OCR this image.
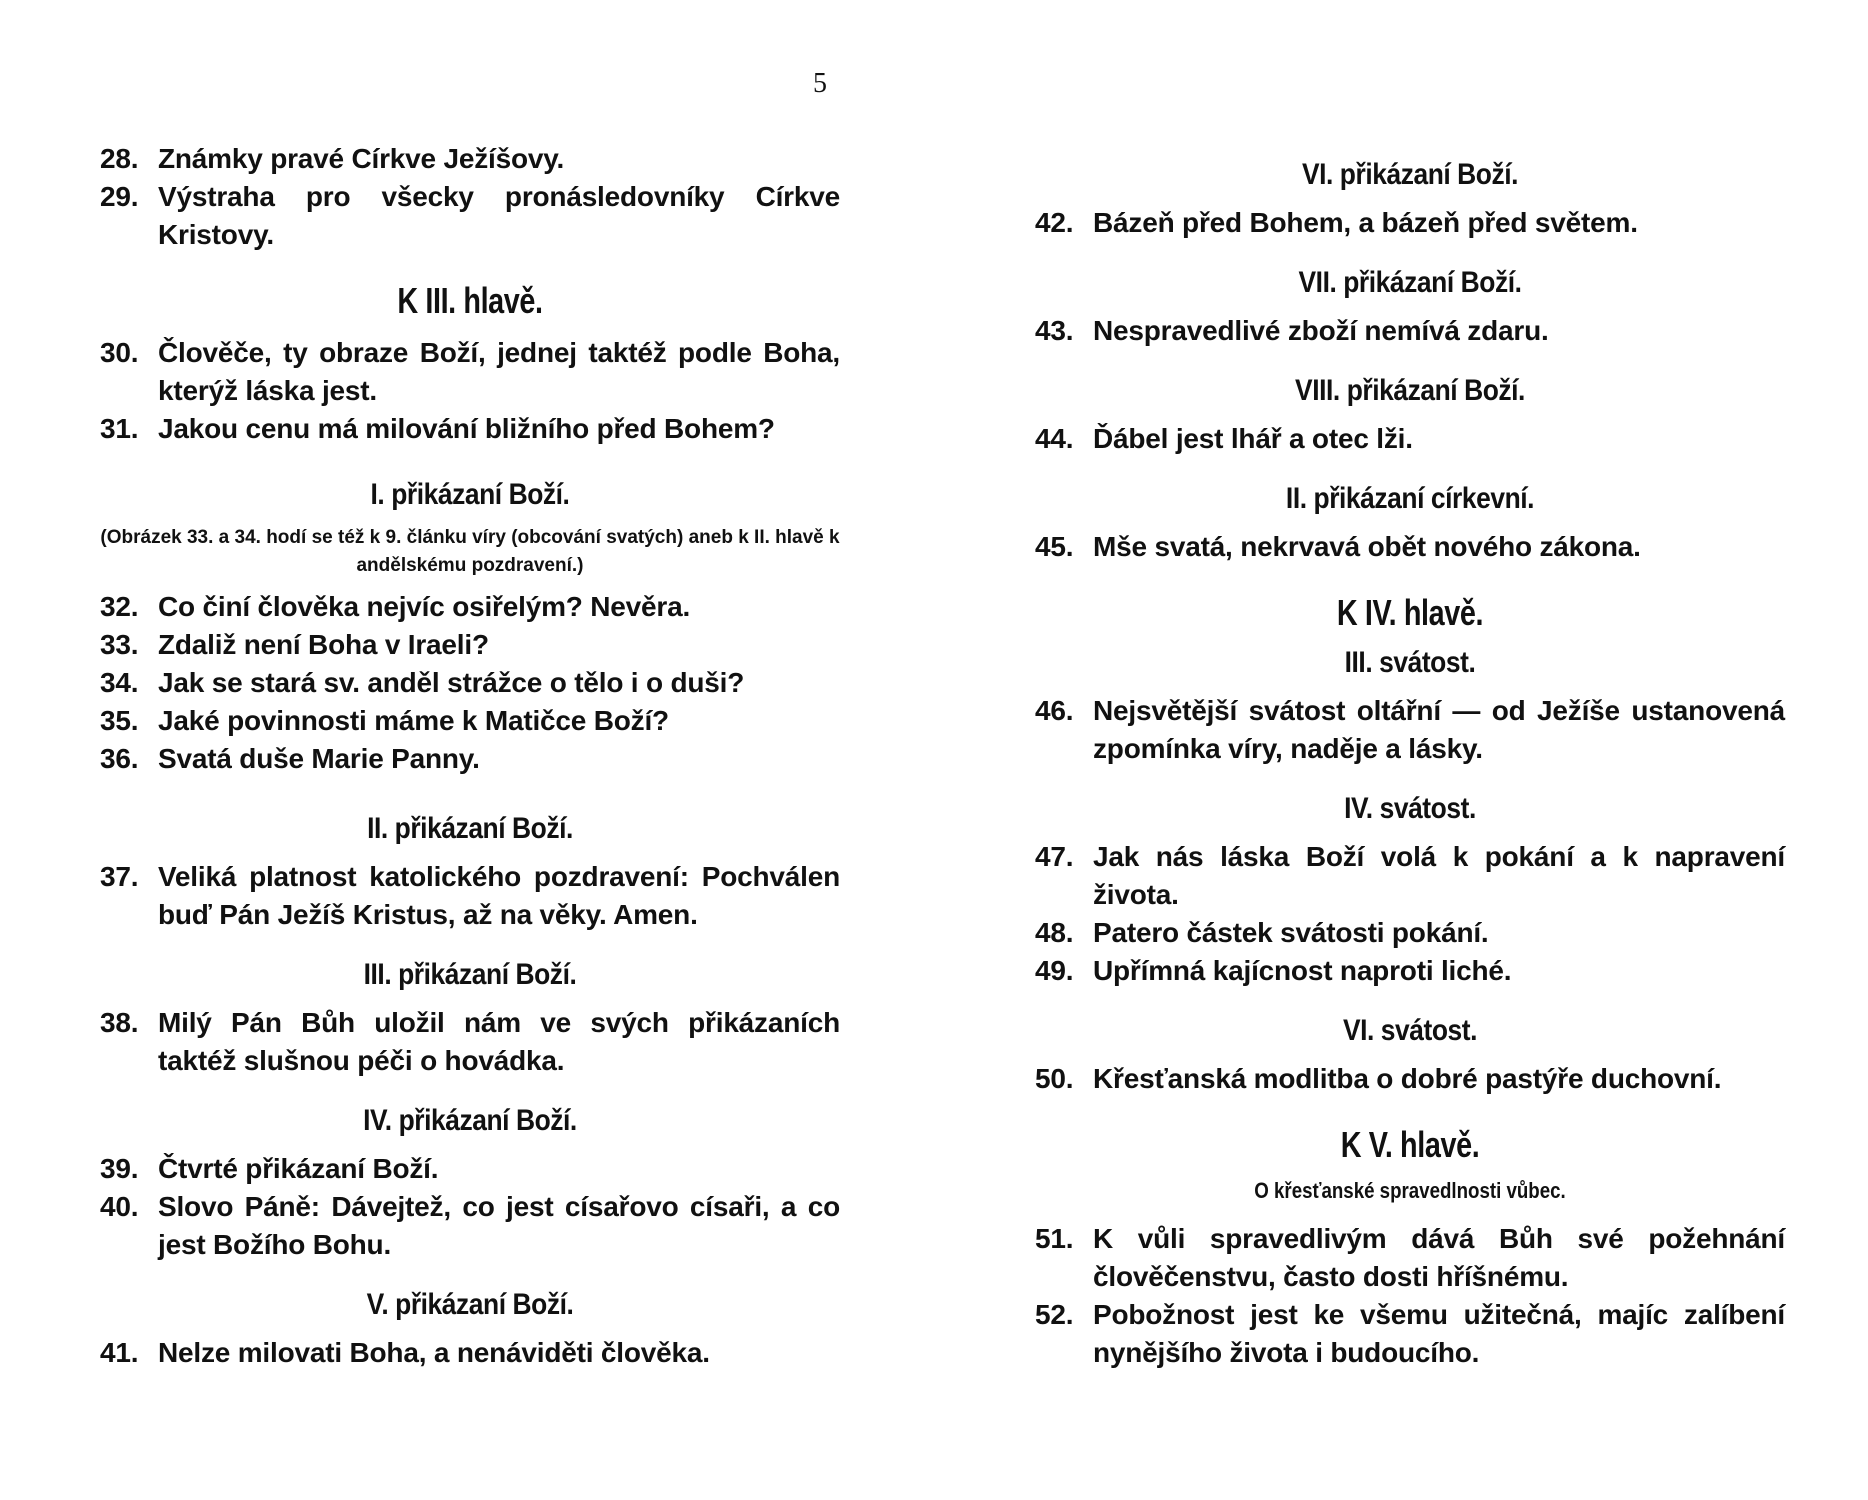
5
28. Známky pravé Církve Ježíšovy.
29. Výstraha pro všecky pronásledovníky Církve Kristovy.
K III. hlavě.
30. Člověče, ty obraze Boží, jednej taktéž podle Boha, kterýž láska jest.
31. Jakou cenu má milování bližního před Bohem?
I. přikázaní Boží.
(Obrázek 33. a 34. hodí se též k 9. článku víry (obcování svatých) aneb k II. hlavě k andělskému pozdravení.)
32. Co činí člověka nejvíc osiřelým? Nevěra.
33. Zdaliž není Boha v Iraeli?
34. Jak se stará sv. anděl strážce o tělo i o duši?
35. Jaké povinnosti máme k Matičce Boží?
36. Svatá duše Marie Panny.
II. přikázaní Boží.
37. Veliká platnost katolického pozdravení: Pochválen buď Pán Ježíš Kristus, až na věky. Amen.
III. přikázaní Boží.
38. Milý Pán Bůh uložil nám ve svých přikázaních taktéž slušnou péči o hovádka.
IV. přikázaní Boží.
39. Čtvrté přikázaní Boží.
40. Slovo Páně: Dávejtež, co jest císařovo císaři, a co jest Božího Bohu.
V. přikázaní Boží.
41. Nelze milovati Boha, a nenáviděti člověka.
VI. přikázaní Boží.
42. Bázeň před Bohem, a bázeň před světem.
VII. přikázaní Boží.
43. Nespravedlivé zboží nemívá zdaru.
VIII. přikázaní Boží.
44. Ďábel jest lhář a otec lži.
II. přikázaní církevní.
45. Mše svatá, nekrvavá obět nového zákona.
K IV. hlavě.
III. svátost.
46. Nejsvětější svátost oltářní — od Ježíše ustanovená zpomínka víry, naděje a lásky.
IV. svátost.
47. Jak nás láska Boží volá k pokání a k napravení života.
48. Patero částek svátosti pokání.
49. Upřímná kajícnost naproti liché.
VI. svátost.
50. Křesťanská modlitba o dobré pastýře duchovní.
K V. hlavě.
O křesťanské spravedlnosti vůbec.
51. K vůli spravedlivým dává Bůh své požehnání člověčenstvu, často dosti hříšnému.
52. Pobožnost jest ke všemu užitečná, majíc zalíbení nynějšího života i budoucího.
